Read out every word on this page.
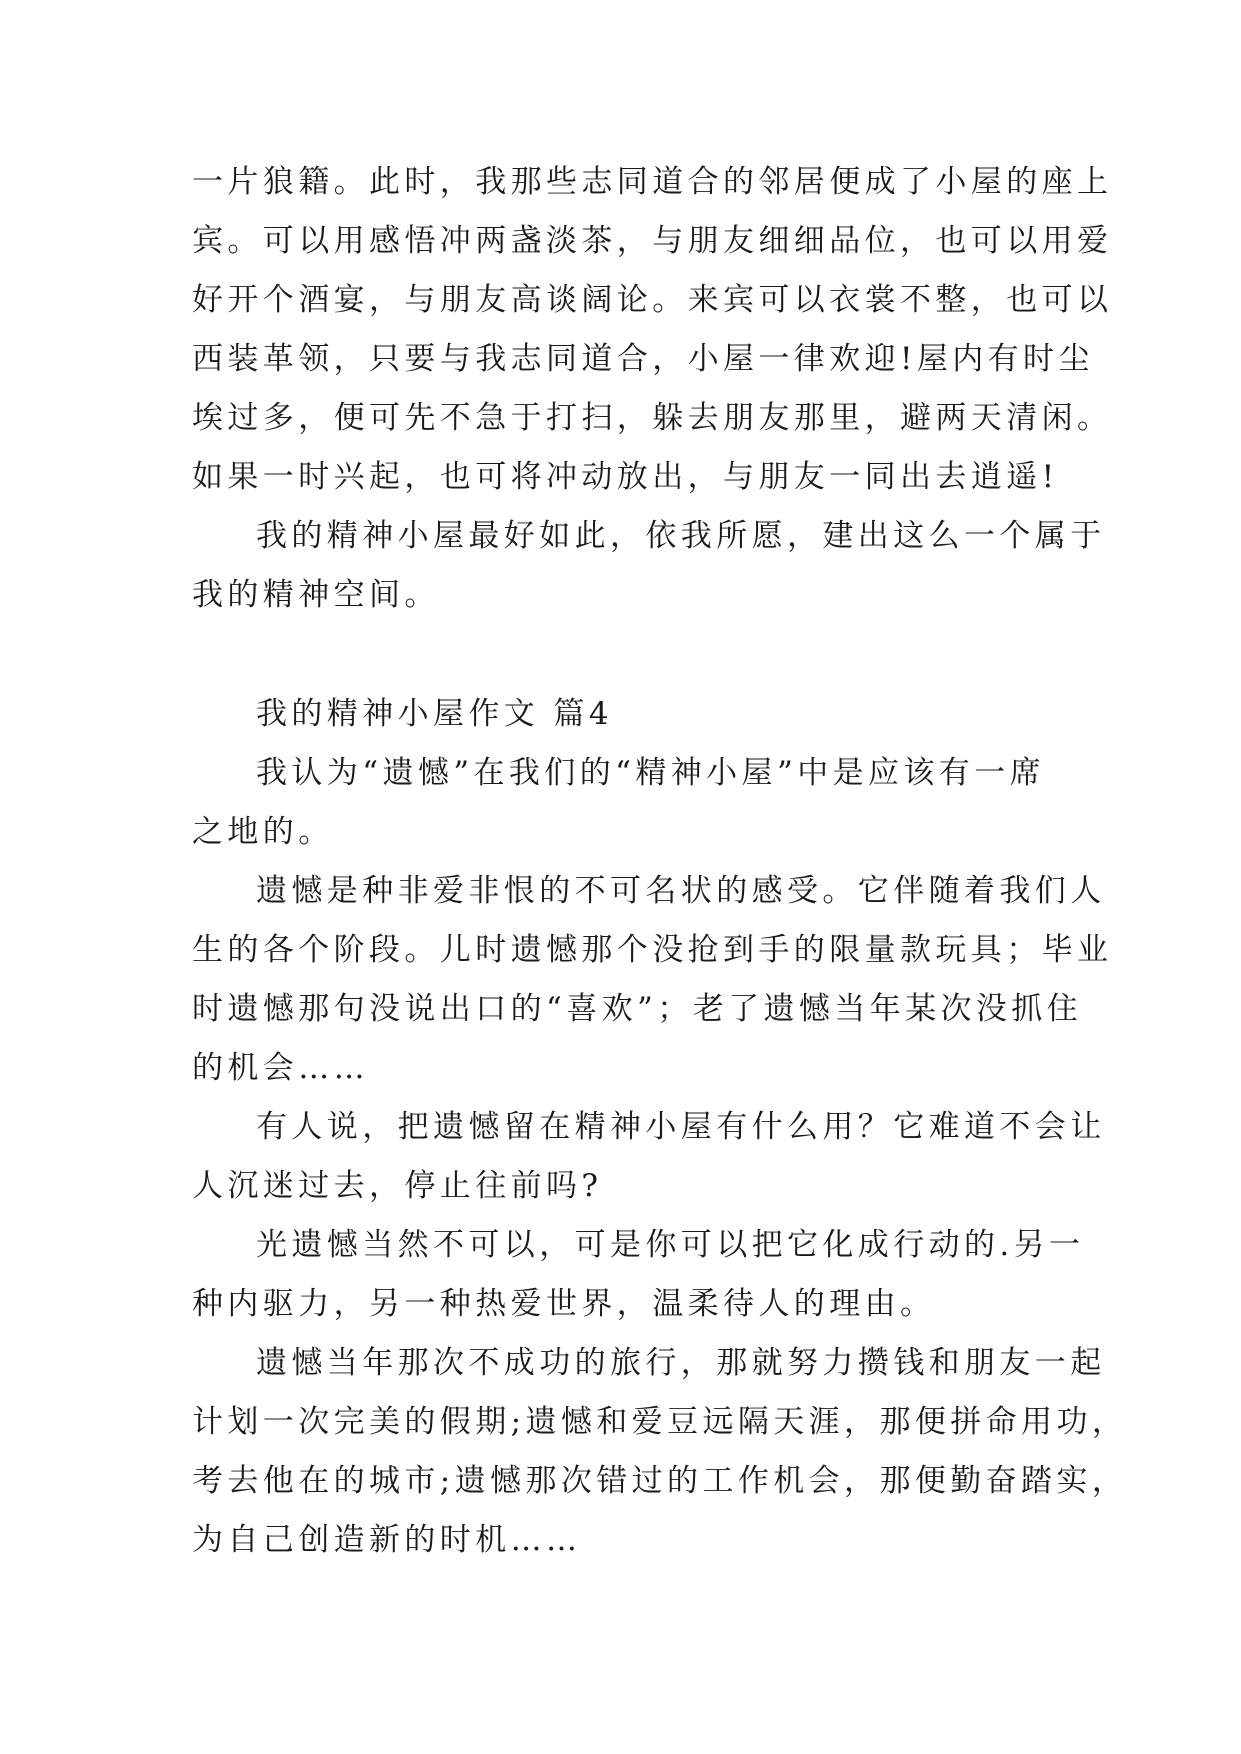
一片狼籍。此时，我那些志同道合的邻居便成了小屋的座上
宾。可以用感悟冲两盏淡茶，与朋友细细品位，也可以用爱
好开个酒宴，与朋友高谈阔论。来宾可以衣裳不整，也可以
西装革领，只要与我志同道合，小屋一律欢迎!屋内有时尘
埃过多，便可先不急于打扫，躲去朋友那里，避两天清闲。
如果一时兴起，也可将冲动放出，与朋友一同出去逍遥!
我的精神小屋最好如此，依我所愿，建出这么一个属于
我的精神空间。
我的精神小屋作文 篇4
我认为“遗憾”在我们的“精神小屋”中是应该有一席
之地的。
遗憾是种非爱非恨的不可名状的感受。它伴随着我们人
生的各个阶段。儿时遗憾那个没抢到手的限量款玩具；毕业
时遗憾那句没说出口的“喜欢”；老了遗憾当年某次没抓住
的机会……
有人说，把遗憾留在精神小屋有什么用？它难道不会让
人沉迷过去，停止往前吗?
光遗憾当然不可以，可是你可以把它化成行动的.另一
种内驱力，另一种热爱世界，温柔待人的理由。
遗憾当年那次不成功的旅行，那就努力攒钱和朋友一起
计划一次完美的假期;遗憾和爱豆远隔天涯，那便拼命用功，
考去他在的城市;遗憾那次错过的工作机会，那便勤奋踏实，
为自己创造新的时机……
